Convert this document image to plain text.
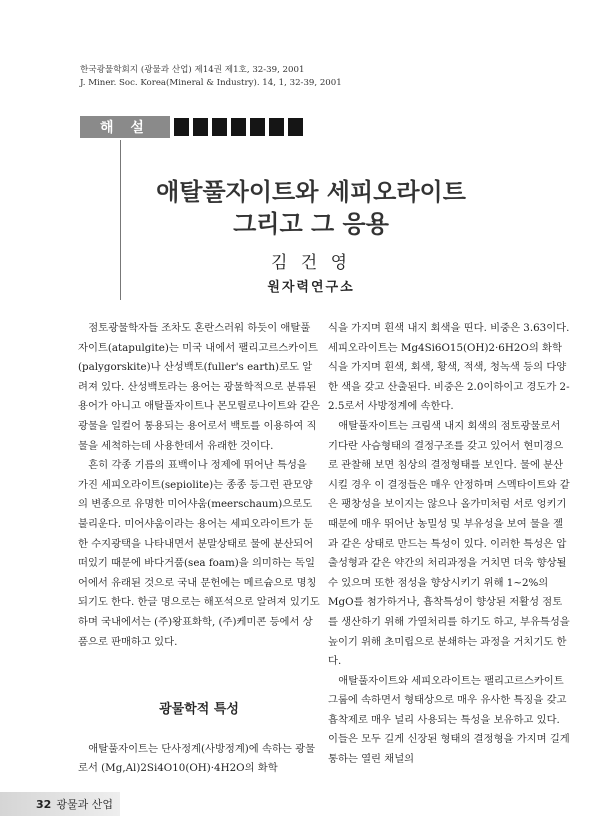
한국광물학회지 (광물과 산업) 제14권 제1호, 32-39, 2001
J. Miner. Soc. Korea(Mineral & Industry). 14, 1, 32-39, 2001
해 설
애탈풀자이트와 세피오라이트
그리고 그 응용
김 건 영
원자력연구소

점토광물학자들 조차도 혼란스러워 하듯이 애탈풀자이트(atapulgite)는 미국 내에서 팰리고르스카이트(palygorskite)나 산성백토(fuller's earth)로도 알려져 있다. 산성백토라는 용어는 광물학적으로 분류된 용어가 아니고 애탈풀자이트나 몬모릴로나이트와 같은 광물을 일컬어 통용되는 용어로서 백토를 이용하여 직물을 세척하는데 사용한데서 유래한 것이다.

흔히 각종 기름의 표백이나 정제에 뛰어난 특성을 가진 세피오라이트(sepiolite)는 종종 등그런 관모양의 변종으로 유명한 미어샤움(meerschaum)으로도 불리운다. 미어샤움이라는 용어는 세피오라이트가 둔한 수지광택을 나타내면서 분말상태로 물에 분산되어 떠있기 때문에 바다거품(sea foam)을 의미하는 독일어에서 유래된 것으로 국내 문헌에는 메르슘으로 명칭되기도 한다. 한글 명으로는 해포석으로 알려져 있기도 하며 국내에서는 (주)왕표화학, (주)케미콘 등에서 상품으로 판매하고 있다.

광물학적 특성

애탈풀자이트는 단사정계(사방정계)에 속하는 광물로서 (Mg,Al)2Si4O10(OH)·4H2O의 화학

식을 가지며 흰색 내지 회색을 띤다. 비중은 3.63이다. 세피오라이트는 Mg4Si6O15(OH)2·6H2O의 화학식을 가지며 흰색, 회색, 황색, 적색, 청녹색 등의 다양한 색을 갖고 산출된다. 비중은 2.0이하이고 경도가 2-2.5로서 사방정계에 속한다.

애탈풀자이트는 크림색 내지 회색의 점토광물로서 기다란 사슴형태의 결정구조를 갖고 있어서 현미경으로 관찰해 보면 침상의 결정형태를 보인다. 물에 분산시킬 경우 이 결정들은 매우 안정하며 스멕타이트와 같은 팽창성을 보이지는 않으나 올가미처럼 서로 엉키기 때문에 매우 뛰어난 농밀성 및 부유성을 보여 물을 젤과 같은 상태로 만드는 특성이 있다. 이러한 특성은 압출성형과 같은 약간의 처리과정을 거치면 더욱 향상될 수 있으며 또한 점성을 향상시키기 위해 1~2%의 MgO를 첨가하거나, 흡착특성이 향상된 저활성 점토를 생산하기 위해 가열처리를 하기도 하고, 부유특성을 높이기 위해 초미립으로 분쇄하는 과정을 거치기도 한다.

애탈풀자이트와 세피오라이트는 팰리고르스카이트 그룹에 속하면서 형태상으로 매우 유사한 특징을 갖고 흡착제로 매우 널리 사용되는 특성을 보유하고 있다. 이들은 모두 길게 신장된 형태의 결정형을 가지며 길게 통하는 열린 채널의

32 광물과 산업
